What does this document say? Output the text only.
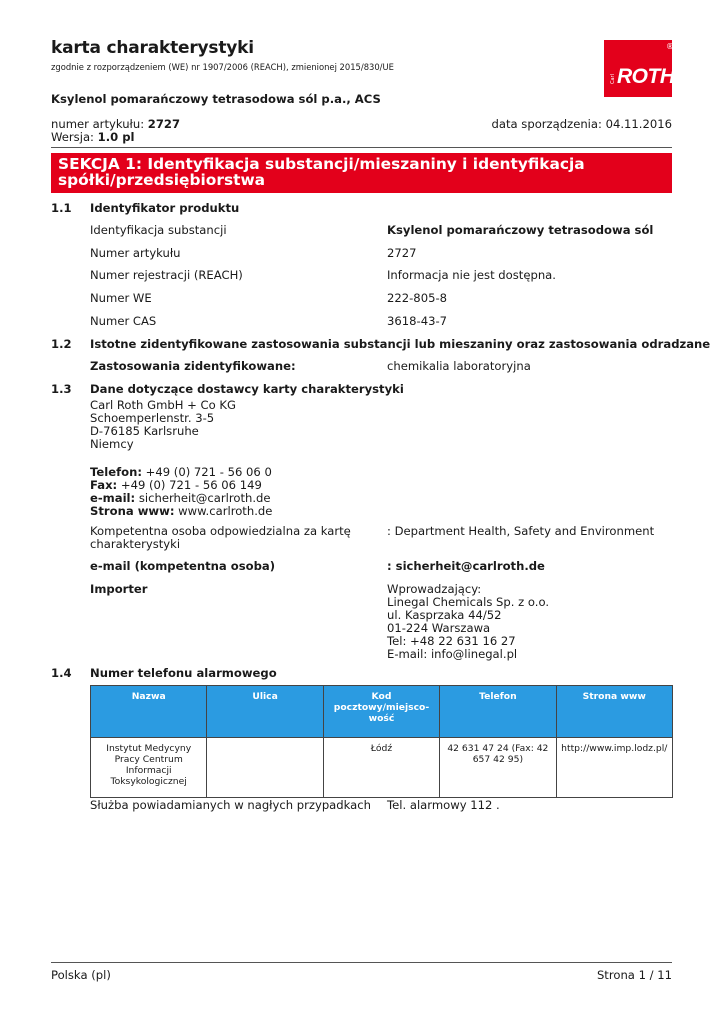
karta charakterystyki
zgodnie z rozporządzeniem (WE) nr 1907/2006 (REACH), zmienionej 2015/830/UE
®
ROTH
Carl
Ksylenol pomarańczowy tetrasodowa sól p.a., ACS
numer artykułu: 2727
Wersja: 1.0 pl
data sporządzenia: 04.11.2016
SEKCJA 1: Identyfikacja substancji/mieszaniny i identyfikacja spółki/przedsiębiorstwa
1.1 Identyfikator produktu
Identyfikacja substancji	Ksylenol pomarańczowy tetrasodowa sól
Numer artykułu	2727
Numer rejestracji (REACH)	Informacja nie jest dostępna.
Numer WE	222-805-8
Numer CAS	3618-43-7
1.2 Istotne zidentyfikowane zastosowania substancji lub mieszaniny oraz zastosowania odradzane
Zastosowania zidentyfikowane:	chemikalia laboratoryjna
1.3 Dane dotyczące dostawcy karty charakterystyki
Carl Roth GmbH + Co KG
Schoemperlenstr. 3-5
D-76185 Karlsruhe
Niemcy
Telefon: +49 (0) 721 - 56 06 0
Fax: +49 (0) 721 - 56 06 149
e-mail: sicherheit@carlroth.de
Strona www: www.carlroth.de
Kompetentna osoba odpowiedzialna za kartę charakterystyki
: Department Health, Safety and Environment
e-mail (kompetentna osoba)	: sicherheit@carlroth.de
Importer	Wprowadzający:
Linegal Chemicals Sp. z o.o.
ul. Kasprzaka 44/52
01-224 Warszawa
Tel: +48 22 631 16 27
E-mail: info@linegal.pl
1.4 Numer telefonu alarmowego
Nazwa	Ulica	Kod pocztowy/miejsco-wość	Telefon	Strona www
Instytut Medycyny Pracy Centrum Informacji Toksykologicznej		Łódź	42 631 47 24 (Fax: 42 657 42 95)	http://www.imp.lodz.pl/
Służba powiadamianych w nagłych przypadkach Tel. alarmowy 112 .
Polska (pl)	Strona 1 / 11
